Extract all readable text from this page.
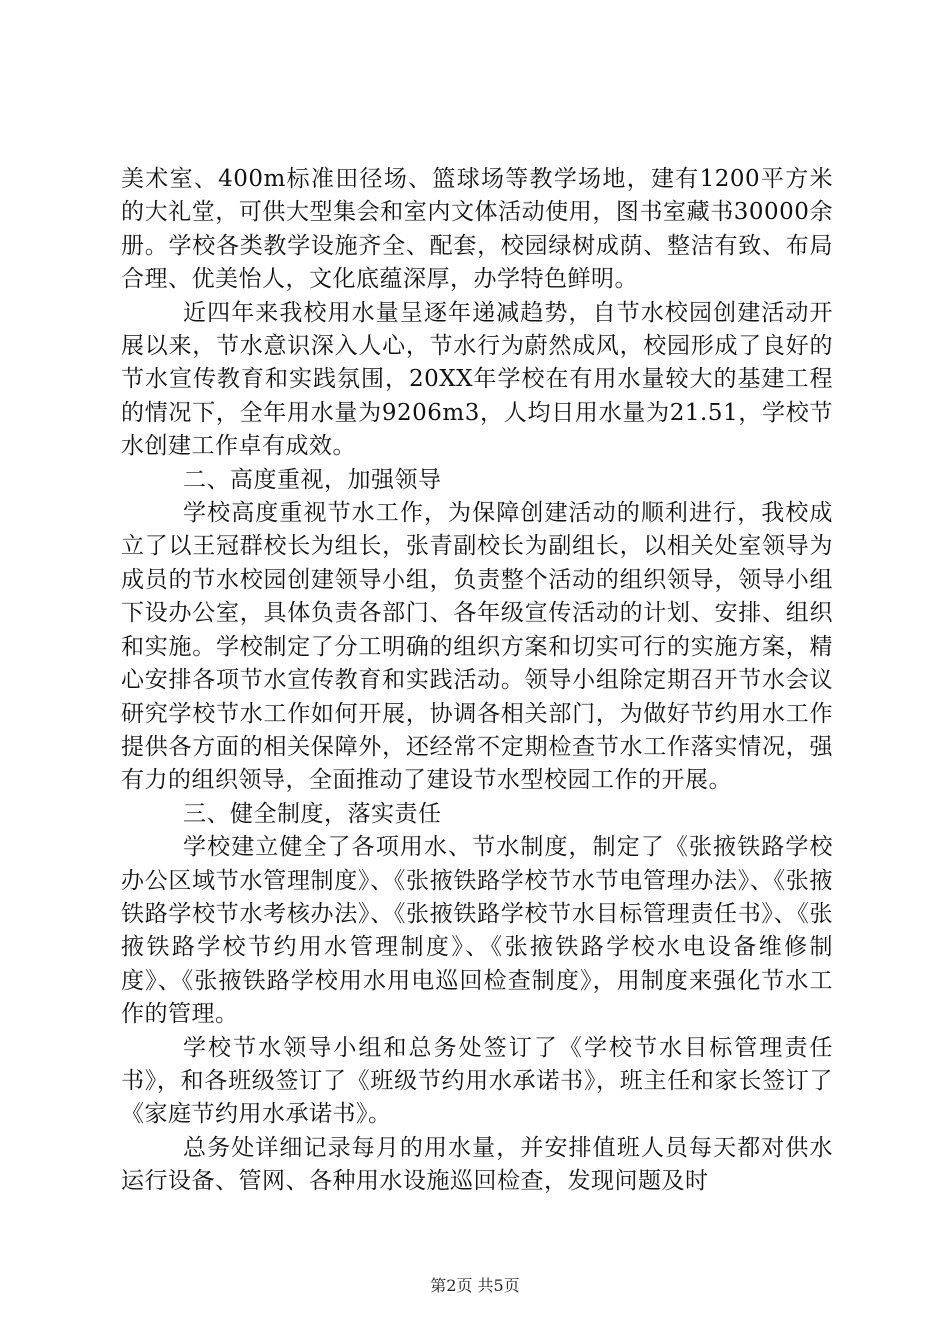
美术室、400m标准田径场、篮球场等教学场地，建有1200平方米的大礼堂，可供大型集会和室内文体活动使用，图书室藏书30000余册。学校各类教学设施齐全、配套，校园绿树成荫、整洁有致、布局合理、优美怡人，文化底蕴深厚，办学特色鲜明。

近四年来我校用水量呈逐年递减趋势，自节水校园创建活动开展以来，节水意识深入人心，节水行为蔚然成风，校园形成了良好的节水宣传教育和实践氛围，20XX年学校在有用水量较大的基建工程的情况下，全年用水量为9206m3，人均日用水量为21.51，学校节水创建工作卓有成效。

二、高度重视，加强领导

学校高度重视节水工作，为保障创建活动的顺利进行，我校成立了以王冠群校长为组长，张青副校长为副组长，以相关处室领导为成员的节水校园创建领导小组，负责整个活动的组织领导，领导小组下设办公室，具体负责各部门、各年级宣传活动的计划、安排、组织和实施。学校制定了分工明确的组织方案和切实可行的实施方案，精心安排各项节水宣传教育和实践活动。领导小组除定期召开节水会议研究学校节水工作如何开展，协调各相关部门，为做好节约用水工作提供各方面的相关保障外，还经常不定期检查节水工作落实情况，强有力的组织领导，全面推动了建设节水型校园工作的开展。

三、健全制度，落实责任

学校建立健全了各项用水、节水制度，制定了《张掖铁路学校办公区域节水管理制度》、《张掖铁路学校节水节电管理办法》、《张掖铁路学校节水考核办法》、《张掖铁路学校节水目标管理责任书》、《张掖铁路学校节约用水管理制度》、《张掖铁路学校水电设备维修制度》、《张掖铁路学校用水用电巡回检查制度》，用制度来强化节水工作的管理。

学校节水领导小组和总务处签订了《学校节水目标管理责任书》，和各班级签订了《班级节约用水承诺书》，班主任和家长签订了《家庭节约用水承诺书》。

总务处详细记录每月的用水量，并安排值班人员每天都对供水运行设备、管网、各种用水设施巡回检查，发现问题及时

第2页 共5页
